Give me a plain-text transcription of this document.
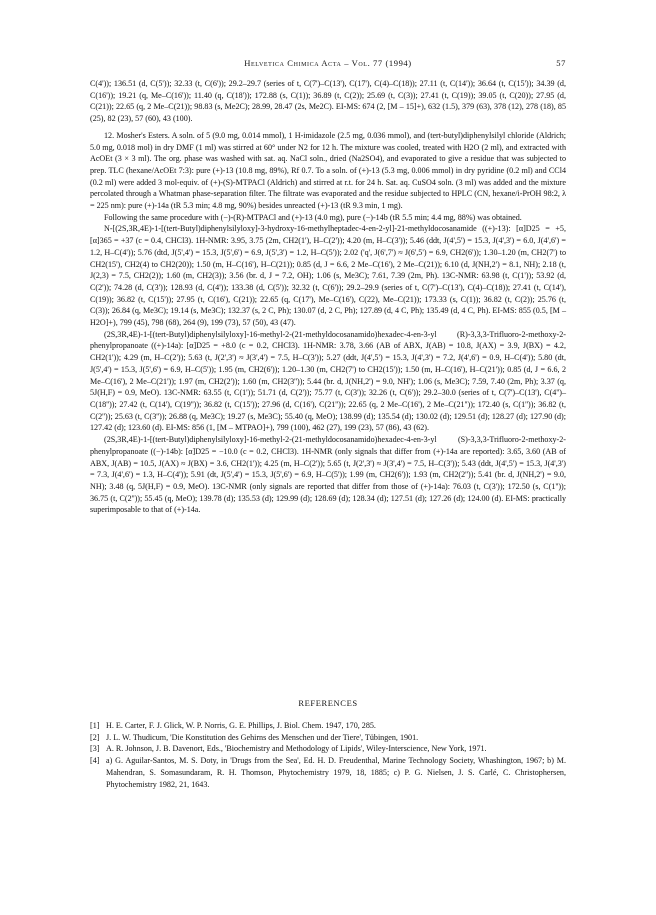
Helvetica Chimica Acta – Vol. 77 (1994)	57

C(4')); 136.51 (d, C(5')); 32.33 (t, C(6')); 29.2–29.7 (series of t, C(7')–C(13'), C(17'), C(4)–C(18)); 27.11 (t, C(14')); 36.64 (t, C(15')); 34.39 (d, C(16')); 19.21 (q, Me–C(16')); 11.40 (q, C(18')); 172.88 (s, C(1)); 36.89 (t, C(2)); 25.69 (t, C(3)); 27.41 (t, C(19)); 39.05 (t, C(20)); 27.95 (d, C(21)); 22.65 (q, 2 Me–C(21)); 98.83 (s, Me2C); 28.99, 28.47 (2s, Me2C). EI-MS: 674 (2, [M – 15]+), 632 (1.5), 379 (63), 378 (12), 278 (18), 85 (25), 82 (23), 57 (60), 43 (100).

12. Mosher's Esters. A soln. of 5 (9.0 mg, 0.014 mmol), 1 H-imidazole (2.5 mg, 0.036 mmol), and (tert-butyl)diphenylsilyl chloride (Aldrich; 5.0 mg, 0.018 mol) in dry DMF (1 ml) was stirred at 60° under N2 for 12 h. The mixture was cooled, treated with H2O (2 ml), and extracted with AcOEt (3 × 3 ml). The org. phase was washed with sat. aq. NaCl soln., dried (Na2SO4), and evaporated to give a residue that was subjected to prep. TLC (hexane/AcOEt 7:3): pure (+)-13 (10.8 mg, 89%), Rf 0.7. To a soln. of (+)-13 (5.3 mg, 0.006 mmol) in dry pyridine (0.2 ml) and CCl4 (0.2 ml) were added 3 mol-equiv. of (+)-(S)-MTPACl (Aldrich) and stirred at r.t. for 24 h. Sat. aq. CuSO4 soln. (3 ml) was added and the mixture percolated through a Whatman phase-separation filter. The filtrate was evaporated and the residue subjected to HPLC (CN, hexane/i-PrOH 98:2, λ = 225 nm): pure (+)-14a (tR 5.3 min; 4.8 mg, 90%) besides unreacted (+)-13 (tR 9.3 min, 1 mg).

Following the same procedure with (−)-(R)-MTPACl and (+)-13 (4.0 mg), pure (−)-14b (tR 5.5 min; 4.4 mg, 88%) was obtained.

N-[(2S,3R,4E)-1-[(tert-Butyl)diphenylsilyloxy]-3-hydroxy-16-methylheptadec-4-en-2-yl]-21-methyldocosanamide ((+)-13): [α]D25 = +5, [α]365 = +37 (c = 0.4, CHCl3). 1H-NMR: 3.95, 3.75 (2m, CH2(1'), H–C(2')); 4.20 (m, H–C(3')); 5.46 (ddt, J(4',5') = 15.3, J(4',3') = 6.0, J(4',6') = 1.2, H–C(4')); 5.76 (dtd, J(5',4') = 15.3, J(5',6') = 6.9, J(5',3') = 1.2, H–C(5')); 2.02 ('q', J(6',7') ≈ J(6',5') = 6.9, CH2(6')); 1.30–1.20 (m, CH2(7') to CH2(15'), CH2(4) to CH2(20)); 1.50 (m, H–C(16'), H–C(21)); 0.85 (d, J = 6.6, 2 Me–C(16'), 2 Me–C(21)); 6.10 (d, J(NH,2') = 8.1, NH); 2.18 (t, J(2,3) = 7.5, CH2(2)); 1.60 (m, CH2(3)); 3.56 (br. d, J = 7.2, OH); 1.06 (s, Me3C); 7.61, 7.39 (2m, Ph). 13C-NMR: 63.98 (t, C(1')); 53.92 (d, C(2')); 74.28 (d, C(3')); 128.93 (d, C(4')); 133.38 (d, C(5')); 32.32 (t, C(6')); 29.2–29.9 (series of t, C(7')–C(13'), C(4)–C(18)); 27.41 (t, C(14'), C(19)); 36.82 (t, C(15')); 27.95 (t, C(16'), C(21)); 22.65 (q, C(17'), Me–C(16'), C(22), Me–C(21)); 173.33 (s, C(1)); 36.82 (t, C(2)); 25.76 (t, C(3)); 26.84 (q, Me3C); 19.14 (s, Me3C); 132.37 (s, 2 C, Ph); 130.07 (d, 2 C, Ph); 127.89 (d, 4 C, Ph); 135.49 (d, 4 C, Ph). EI-MS: 855 (0.5, [M – H2O]+), 799 (45), 798 (68), 264 (9), 199 (73), 57 (50), 43 (47).

(2S,3R,4E)-1-[(tert-Butyl)diphenylsilyloxy]-16-methyl-2-(21-methyldocosanamido)hexadec-4-en-3-yl (R)-3,3,3-Trifluoro-2-methoxy-2-phenylpropanoate ((+)-14a): [α]D25 = +8.0 (c = 0.2, CHCl3). 1H-NMR: 3.78, 3.66 (AB of ABX, J(AB) = 10.8, J(AX) = 3.9, J(BX) = 4.2, CH2(1')); 4.29 (m, H–C(2')); 5.63 (t, J(2',3') ≈ J(3',4') = 7.5, H–C(3')); 5.27 (ddt, J(4',5') = 15.3, J(4',3') = 7.2, J(4',6') = 0.9, H–C(4')); 5.80 (dt, J(5',4') = 15.3, J(5',6') = 6.9, H–C(5')); 1.95 (m, CH2(6')); 1.20–1.30 (m, CH2(7') to CH2(15')); 1.50 (m, H–C(16'), H–C(21')); 0.85 (d, J = 6.6, 2 Me–C(16'), 2 Me–C(21')); 1.97 (m, CH2(2')); 1.60 (m, CH2(3'')); 5.44 (br. d, J(NH,2') = 9.0, NH'); 1.06 (s, Me3C); 7.59, 7.40 (2m, Ph); 3.37 (q, 5J(H,F) = 0.9, MeO). 13C-NMR: 63.55 (t, C(1')); 51.71 (d, C(2')); 75.77 (t, C(3')); 32.26 (t, C(6')); 29.2–30.0 (series of t, C(7')–C(13'), C(4'')–C(18'')); 27.42 (t, C(14'), C(19'')); 36.82 (t, C(15')); 27.96 (d, C(16'), C(21'')); 22.65 (q, 2 Me–C(16'), 2 Me–C(21'')); 172.40 (s, C(1'')); 36.82 (t, C(2'')); 25.63 (t, C(3'')); 26.88 (q, Me3C); 19.27 (s, Me3C); 55.40 (q, MeO); 138.99 (d); 135.54 (d); 130.02 (d); 129.51 (d); 128.27 (d); 127.90 (d); 127.42 (d); 123.60 (d). EI-MS: 856 (1, [M – MTPAO]+), 799 (100), 462 (27), 199 (23), 57 (86), 43 (62).

(2S,3R,4E)-1-[(tert-Butyl)diphenylsilyloxy]-16-methyl-2-(21-methyldocosanamido)hexadec-4-en-3-yl (S)-3,3,3-Trifluoro-2-methoxy-2-phenylpropanoate ((−)-14b): [α]D25 = −10.0 (c = 0.2, CHCl3). 1H-NMR (only signals that differ from (+)-14a are reported): 3.65, 3.60 (AB of ABX, J(AB) = 10.5, J(AX) ≈ J(BX) = 3.6, CH2(1')); 4.25 (m, H–C(2')); 5.65 (t, J(2',3') ≈ J(3',4') = 7.5, H–C(3')); 5.43 (ddt, J(4',5') = 15.3, J(4',3') = 7.3, J(4',6') = 1.3, H–C(4')); 5.91 (dt, J(5',4') = 15.3, J(5',6') = 6.9, H–C(5')); 1.99 (m, CH2(6')); 1.93 (m, CH2(2'')); 5.41 (br. d, J(NH,2') = 9.0, NH); 3.48 (q, 5J(H,F) = 0.9, MeO). 13C-NMR (only signals are reported that differ from those of (+)-14a): 76.03 (t, C(3')); 172.50 (s, C(1'')); 36.75 (t, C(2'')); 55.45 (q, MeO); 139.78 (d); 135.53 (d); 129.99 (d); 128.69 (d); 128.34 (d); 127.51 (d); 127.26 (d); 124.00 (d). EI-MS: practically superimposable to that of (+)-14a.

REFERENCES
[1] H. E. Carter, F. J. Glick, W. P. Norris, G. E. Phillips, J. Biol. Chem. 1947, 170, 285.
[2] J. L. W. Thudicum, 'Die Konstitution des Gehirns des Menschen und der Tiere', Tübingen, 1901.
[3] A. R. Johnson, J. B. Davenort, Eds., 'Biochemistry and Methodology of Lipids', Wiley-Interscience, New York, 1971.
[4] a) G. Aguilar-Santos, M. S. Doty, in 'Drugs from the Sea', Ed. H. D. Freudenthal, Marine Technology Society, Whashington, 1967; b) M. Mahendran, S. Somasundaram, R. H. Thomson, Phytochemistry 1979, 18, 1885; c) P. G. Nielsen, J. S. Carlé, C. Christophersen, Phytochemistry 1982, 21, 1643.
